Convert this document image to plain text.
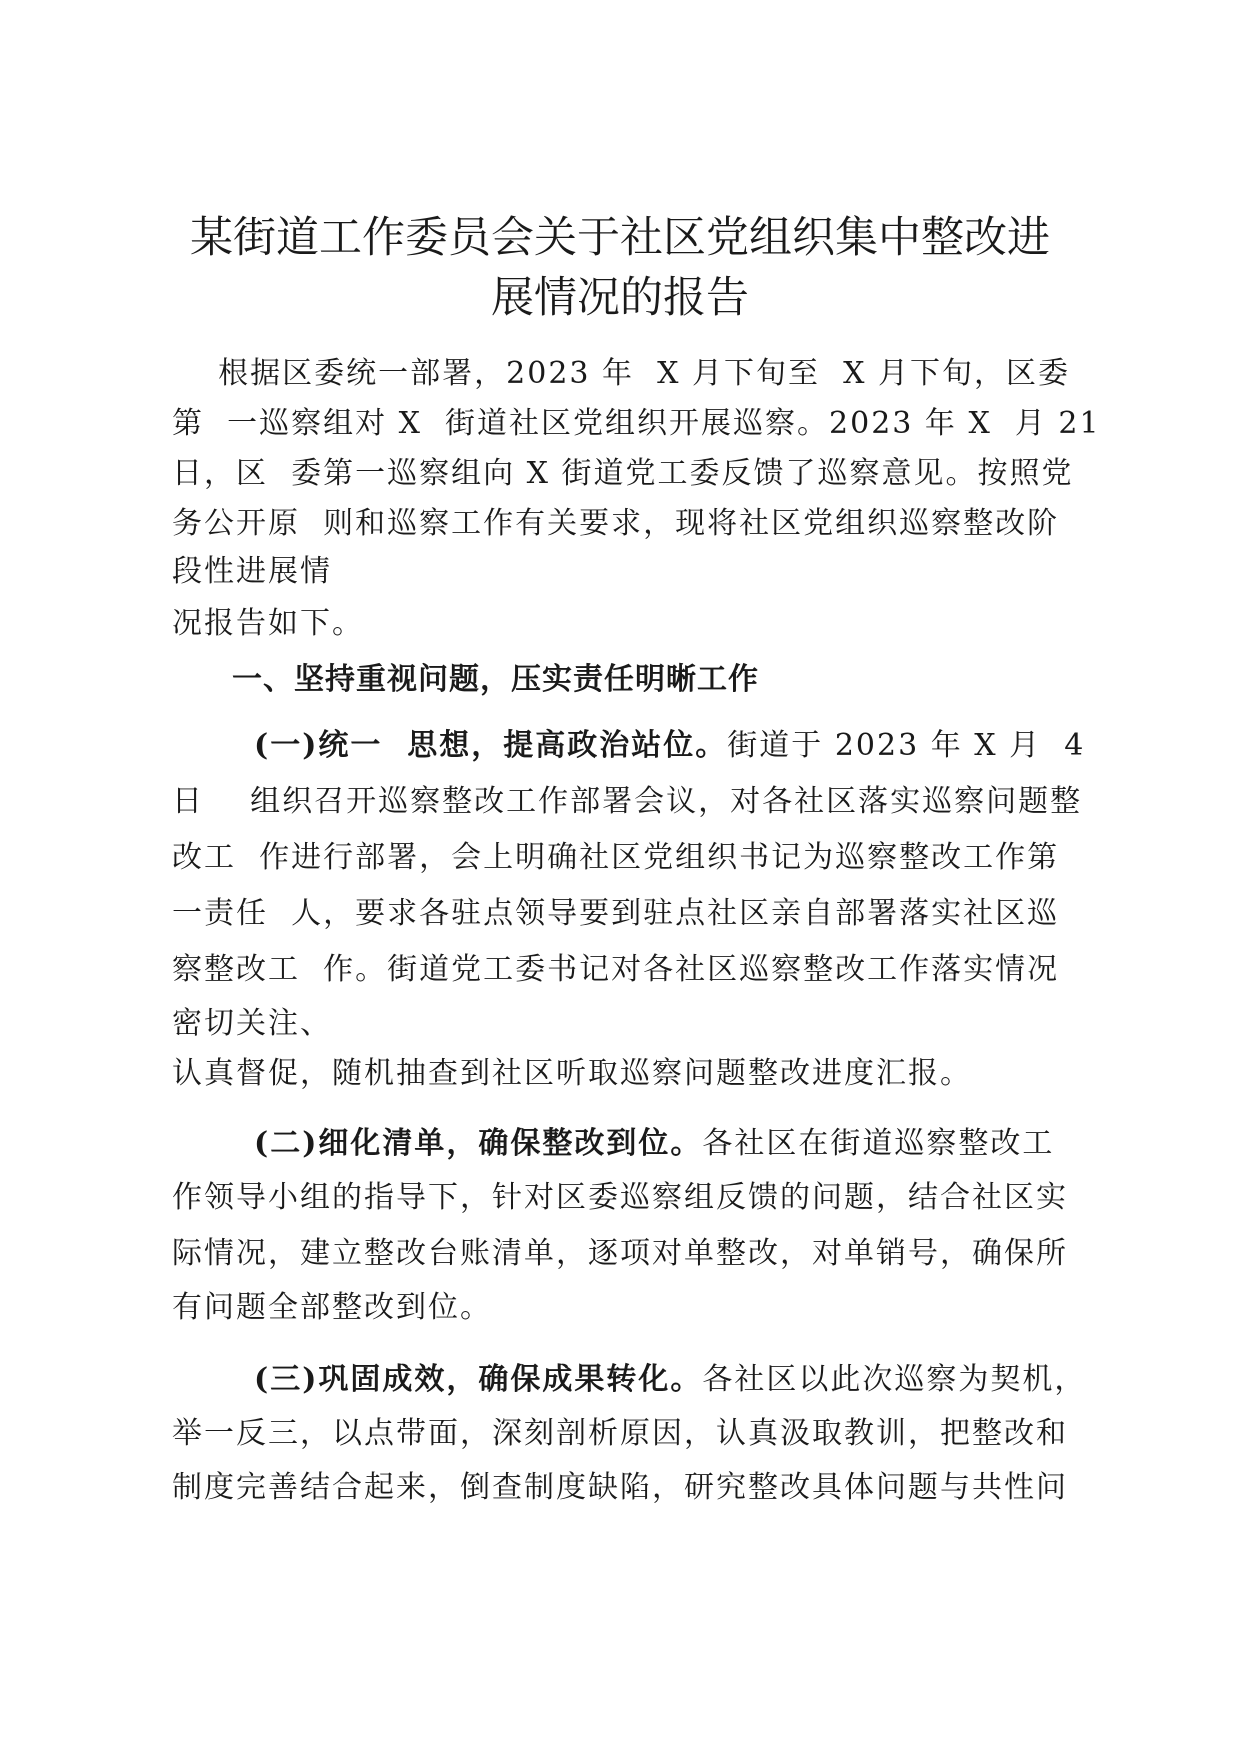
某街道工作委员会关于社区党组织集中整改进
展情况的报告

根据区委统一部署，2023 年  X 月下旬至  X 月下旬，区委

第  一巡察组对 X  街道社区党组织开展巡察。2023 年 X  月 21

日，区  委第一巡察组向 X 街道党工委反馈了巡察意见。按照党

务公开原  则和巡察工作有关要求，现将社区党组织巡察整改阶

段性进展情

况报告如下。

一、坚持重视问题，压实责任明晰工作

(一)统一  思想，提高政治站位。街道于 2023 年 X 月  4

日    组织召开巡察整改工作部署会议，对各社区落实巡察问题整

改工  作进行部署，会上明确社区党组织书记为巡察整改工作第

一责任  人，要求各驻点领导要到驻点社区亲自部署落实社区巡

察整改工  作。街道党工委书记对各社区巡察整改工作落实情况

密切关注、

认真督促，随机抽查到社区听取巡察问题整改进度汇报。

(二)细化清单，确保整改到位。各社区在街道巡察整改工

作领导小组的指导下，针对区委巡察组反馈的问题，结合社区实

际情况，建立整改台账清单，逐项对单整改，对单销号，确保所

有问题全部整改到位。

(三)巩固成效，确保成果转化。各社区以此次巡察为契机，

举一反三，以点带面，深刻剖析原因，认真汲取教训，把整改和

制度完善结合起来，倒查制度缺陷，研究整改具体问题与共性问
